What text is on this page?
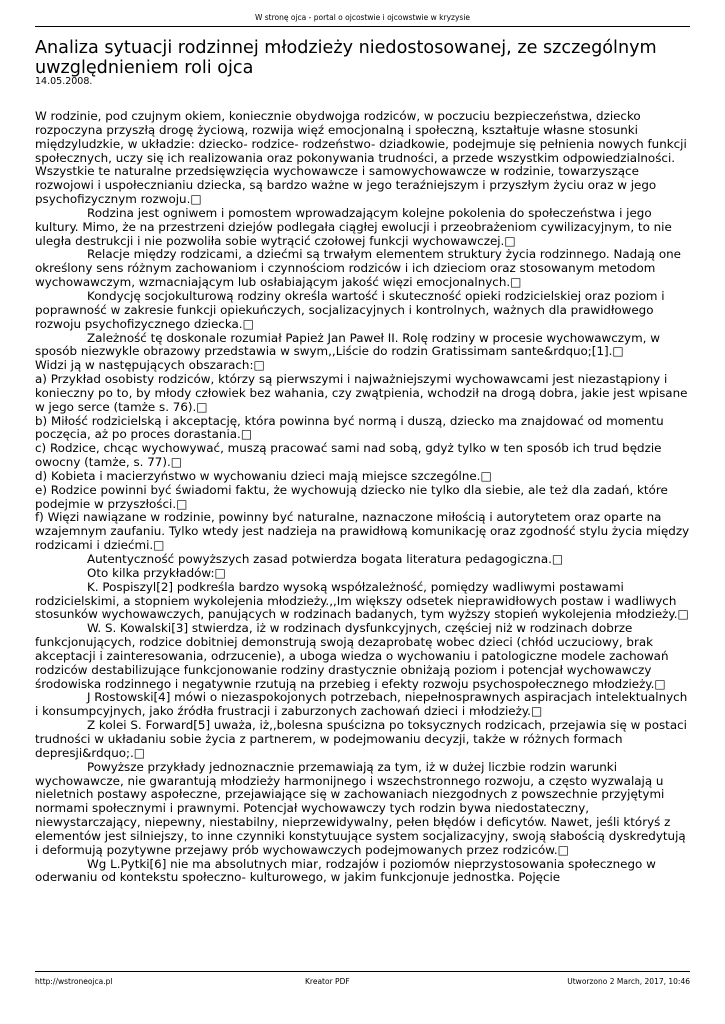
W stronę ojca - portal o ojcostwie i ojcowstwie w kryzysie
Analiza sytuacji rodzinnej młodzieży niedostosowanej, ze szczególnym uwzględnieniem roli ojca
14.05.2008.

W rodzinie, pod czujnym okiem, koniecznie obydwojga rodziców, w poczuciu bezpieczeństwa, dziecko rozpoczyna przyszłą drogę życiową, rozwija więź emocjonalną i społeczną, kształtuje własne stosunki międzyludzkie, w układzie: dziecko- rodzice- rodzeństwo- dziadkowie, podejmuje się pełnienia nowych funkcji społecznych, uczy się ich realizowania oraz pokonywania trudności, a przede wszystkim odpowiedzialności.

Wszystkie te naturalne przedsięwzięcia wychowawcze i samowychowawcze w rodzinie, towarzyszące rozwojowi i uspołecznianiu dziecka, są bardzo ważne w jego teraźniejszym i przyszłym życiu oraz w jego psychofizycznym rozwoju.□

Rodzina jest ogniwem i pomostem wprowadzającym kolejne pokolenia do społeczeństwa i jego kultury. Mimo, że na przestrzeni dziejów podlegała ciągłej ewolucji i przeobrażeniom cywilizacyjnym, to nie uległa destrukcji i nie pozwoliła sobie wytrącić czołowej funkcji wychowawczej.□

Relacje między rodzicami, a dziećmi są trwałym elementem struktury życia rodzinnego. Nadają one określony sens różnym zachowaniom i czynnościom rodziców i ich dzieciom oraz stosowanym metodom wychowawczym, wzmacniającym lub osłabiającym jakość więzi emocjonalnych.□

Kondycję socjokulturową rodziny określa wartość i skuteczność opieki rodzicielskiej oraz poziom i poprawność w zakresie funkcji opiekuńczych, socjalizacyjnych i kontrolnych, ważnych dla prawidłowego rozwoju psychofizycznego dziecka.□

Zależność tę doskonale rozumiał Papież Jan Paweł II. Rolę rodziny w procesie wychowawczym, w sposób niezwykle obrazowy przedstawia w swym,,Liście do rodzin Gratissimam sante&rdquo;[1].□

Widzi ją w następujących obszarach:□

a) Przykład osobisty rodziców, którzy są pierwszymi i najważniejszymi wychowawcami jest niezastąpiony i konieczny po to, by młody człowiek bez wahania, czy zwątpienia, wchodził na drogą dobra, jakie jest wpisane w jego serce (tamże s. 76).□

b) Miłość rodzicielską i akceptację, która powinna być normą i duszą, dziecko ma znajdować od momentu poczęcia, aż po proces dorastania.□

c) Rodzice, chcąc wychowywać, muszą pracować sami nad sobą, gdyż tylko w ten sposób ich trud będzie owocny (tamże, s. 77).□

d) Kobieta i macierzyństwo w wychowaniu dzieci mają miejsce szczególne.□

e) Rodzice powinni być świadomi faktu, że wychowują dziecko nie tylko dla siebie, ale też dla zadań, które podejmie w przyszłości.□

f) Więzi nawiązane w rodzinie, powinny być naturalne, naznaczone miłością i autorytetem oraz oparte na wzajemnym zaufaniu. Tylko wtedy jest nadzieja na prawidłową komunikację oraz zgodność stylu życia między rodzicami i dziećmi.□

Autentyczność powyższych zasad potwierdza bogata literatura pedagogiczna.□

Oto kilka przykładów:□

K. Pospiszyl[2] podkreśla bardzo wysoką współzależność, pomiędzy wadliwymi postawami rodzicielskimi, a stopniem wykolejenia młodzieży.,,Im większy odsetek nieprawidłowych postaw i wadliwych stosunków wychowawczych, panujących w rodzinach badanych, tym wyższy stopień wykolejenia młodzieży.□

W. S. Kowalski[3] stwierdza, iż w rodzinach dysfunkcyjnych, częściej niż w rodzinach dobrze funkcjonujących, rodzice dobitniej demonstrują swoją dezaprobatę wobec dzieci (chłód uczuciowy, brak akceptacji i zainteresowania, odrzucenie), a uboga wiedza o wychowaniu i patologiczne modele zachowań rodziców destabilizujące funkcjonowanie rodziny drastycznie obniżają poziom i potencjał wychowawczy środowiska rodzinnego i negatywnie rzutują na przebieg i efekty rozwoju psychospołecznego młodzieży.□

J Rostowski[4] mówi o niezaspokojonych potrzebach, niepełnosprawnych aspiracjach intelektualnych i konsumpcyjnych, jako źródła frustracji i zaburzonych zachowań dzieci i młodzieży.□

Z kolei S. Forward[5] uważa, iż,,bolesna spuścizna po toksycznych rodzicach, przejawia się w postaci trudności w układaniu sobie życia z partnerem, w podejmowaniu decyzji, także w różnych formach depresji&rdquo;.□

Powyższe przykłady jednoznacznie przemawiają za tym, iż w dużej liczbie rodzin warunki wychowawcze, nie gwarantują młodzieży harmonijnego i wszechstronnego rozwoju, a często wyzwalają u nieletnich postawy aspołeczne, przejawiające się w zachowaniach niezgodnych z powszechnie przyjętymi normami społecznymi i prawnymi. Potencjał wychowawczy tych rodzin bywa niedostateczny, niewystarczający, niepewny, niestabilny, nieprzewidywalny, pełen błędów i deficytów. Nawet, jeśli któryś z elementów jest silniejszy, to inne czynniki konstytuujące system socjalizacyjny, swoją słabością dyskredytują i deformują pozytywne przejawy prób wychowawczych podejmowanych przez rodziców.□

Wg L.Pytki[6] nie ma absolutnych miar, rodzajów i poziomów nieprzystosowania społecznego w oderwaniu od kontekstu społeczno- kulturowego, w jakim funkcjonuje jednostka. Pojęcie

http://wstroneojca.pl	Kreator PDF	Utworzono 2 March, 2017, 10:46
